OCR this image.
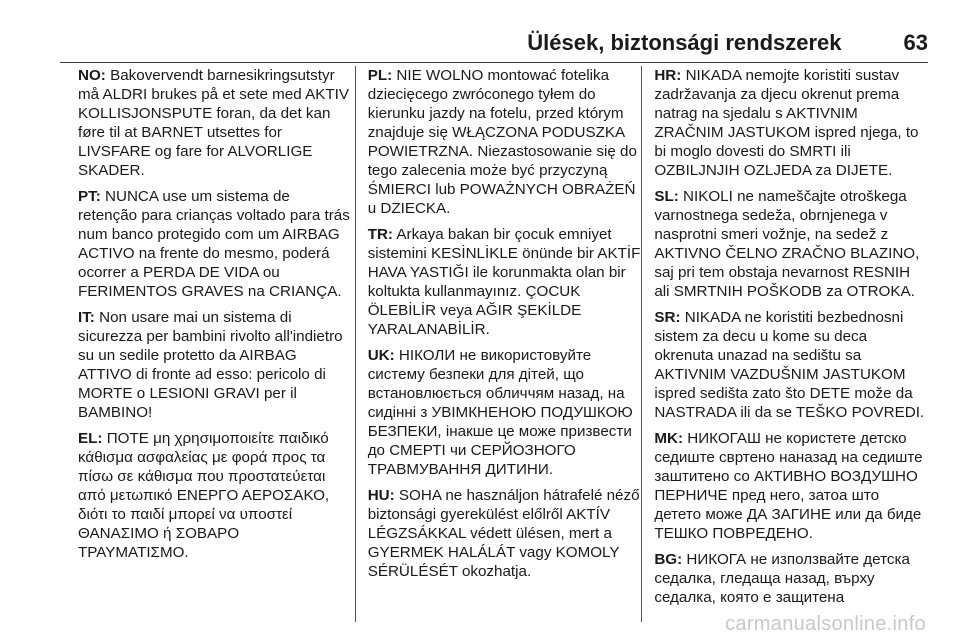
Ülések, biztonsági rendszerek	63

NO: Bakovervendt barnesikringsutstyr må ALDRI brukes på et sete med AKTIV KOLLISJONSPUTE foran, da det kan føre til at BARNET utsettes for LIVSFARE og fare for ALVORLIGE SKADER.

PT: NUNCA use um sistema de retenção para crianças voltado para trás num banco protegido com um AIRBAG ACTIVO na frente do mesmo, poderá ocorrer a PERDA DE VIDA ou FERIMENTOS GRAVES na CRIANÇA.

IT: Non usare mai un sistema di sicurezza per bambini rivolto all'indietro su un sedile protetto da AIRBAG ATTIVO di fronte ad esso: pericolo di MORTE o LESIONI GRAVI per il BAMBINO!

EL: ΠΟΤΕ μη χρησιμοποιείτε παιδικό κάθισμα ασφαλείας με φορά προς τα πίσω σε κάθισμα που προστατεύεται από μετωπικό ΕΝΕΡΓΟ ΑΕΡΟΣΑΚΟ, διότι το παιδί μπορεί να υποστεί ΘΑΝΑΣΙΜΟ ή ΣΟΒΑΡΟ ΤΡΑΥΜΑΤΙΣΜΟ.

PL: NIE WOLNO montować fotelika dziecięcego zwróconego tyłem do kierunku jazdy na fotelu, przed którym znajduje się WŁĄCZONA PODUSZKA POWIETRZNA. Niezastosowanie się do tego zalecenia może być przyczyną ŚMIERCI lub POWAŻNYCH OBRAŻEŃ u DZIECKA.

TR: Arkaya bakan bir çocuk emniyet sistemini KESİNLİKLE önünde bir AKTİF HAVA YASTIĞI ile korunmakta olan bir koltukta kullanmayınız. ÇOCUK ÖLEBİLİR veya AĞIR ŞEKİLDE YARALANABİLİR.

UK: НІКОЛИ не використовуйте систему безпеки для дітей, що встановлюється обличчям назад, на сидінні з УВІМКНЕНОЮ ПОДУШКОЮ БЕЗПЕКИ, інакше це може призвести до СМЕРТІ чи СЕРЙОЗНОГО ТРАВМУВАННЯ ДИТИНИ.

HU: SOHA ne használjon hátrafelé néző biztonsági gyerekülést előlről AKTÍV LÉGZSÁKKAL védett ülésen, mert a GYERMEK HALÁLÁT vagy KOMOLY SÉRÜLÉSÉT okozhatja.

HR: NIKADA nemojte koristiti sustav zadržavanja za djecu okrenut prema natrag na sjedalu s AKTIVNIM ZRAČNIM JASTUKOM ispred njega, to bi moglo dovesti do SMRTI ili OZBILJNJIH OZLJEDA za DIJETE.

SL: NIKOLI ne nameščajte otroškega varnostnega sedeža, obrnjenega v nasprotni smeri vožnje, na sedež z AKTIVNO ČELNO ZRAČNO BLAZINO, saj pri tem obstaja nevarnost RESNIH ali SMRTNIH POŠKODB za OTROKA.

SR: NIKADA ne koristiti bezbednosni sistem za decu u kome su deca okrenuta unazad na sedištu sa AKTIVNIM VAZDUŠNIM JASTUKOM ispred sedišta zato što DETE može da NASTRADA ili da se TEŠKO POVREDI.

MK: НИКОГАШ не користете детско седиште свртено наназад на седиште заштитено со АКТИВНО ВОЗДУШНО ПЕРНИЧЕ пред него, затоа што детето може ДА ЗАГИНЕ или да биде ТЕШКО ПОВРЕДЕНО.

BG: НИКОГА не използвайте детска седалка, гледаща назад, върху седалка, която е защитена

carmanualsonline.info
